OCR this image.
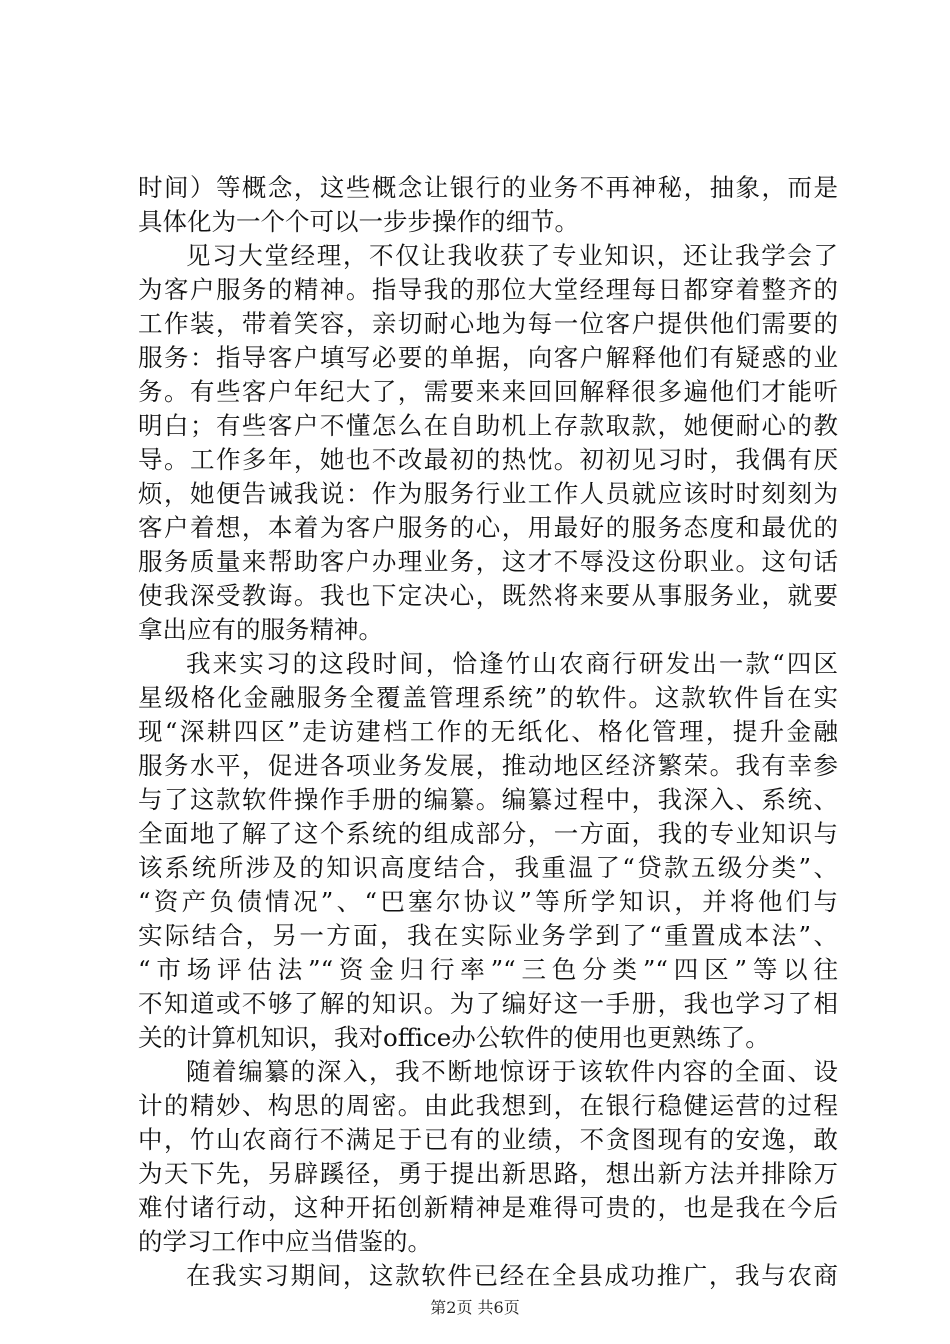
时间）等概念，这些概念让银行的业务不再神秘，抽象，而是
具体化为一个个可以一步步操作的细节。
见习大堂经理，不仅让我收获了专业知识，还让我学会了
为客户服务的精神。指导我的那位大堂经理每日都穿着整齐的
工作装，带着笑容，亲切耐心地为每一位客户提供他们需要的
服务：指导客户填写必要的单据，向客户解释他们有疑惑的业
务。有些客户年纪大了，需要来来回回解释很多遍他们才能听
明白；有些客户不懂怎么在自助机上存款取款，她便耐心的教
导。工作多年，她也不改最初的热忱。初初见习时，我偶有厌
烦，她便告诫我说：作为服务行业工作人员就应该时时刻刻为
客户着想，本着为客户服务的心，用最好的服务态度和最优的
服务质量来帮助客户办理业务，这才不辱没这份职业。这句话
使我深受教诲。我也下定决心，既然将来要从事服务业，就要
拿出应有的服务精神。
我来实习的这段时间，恰逢竹山农商行研发出一款“四区
星级格化金融服务全覆盖管理系统”的软件。这款软件旨在实
现“深耕四区”走访建档工作的无纸化、格化管理，提升金融
服务水平，促进各项业务发展，推动地区经济繁荣。我有幸参
与了这款软件操作手册的编纂。编纂过程中，我深入、系统、
全面地了解了这个系统的组成部分，一方面，我的专业知识与
该系统所涉及的知识高度结合，我重温了“贷款五级分类”、
“资产负债情况”、“巴塞尔协议”等所学知识，并将他们与
实际结合，另一方面，我在实际业务学到了“重置成本法”、
“市场评估法”“资金归行率”“三色分类”“四区”等以往
不知道或不够了解的知识。为了编好这一手册，我也学习了相
关的计算机知识，我对office办公软件的使用也更熟练了。
随着编纂的深入，我不断地惊讶于该软件内容的全面、设
计的精妙、构思的周密。由此我想到，在银行稳健运营的过程
中，竹山农商行不满足于已有的业绩，不贪图现有的安逸，敢
为天下先，另辟蹊径，勇于提出新思路，想出新方法并排除万
难付诸行动，这种开拓创新精神是难得可贵的，也是我在今后
的学习工作中应当借鉴的。
在我实习期间，这款软件已经在全县成功推广，我与农商
第2页 共6页
